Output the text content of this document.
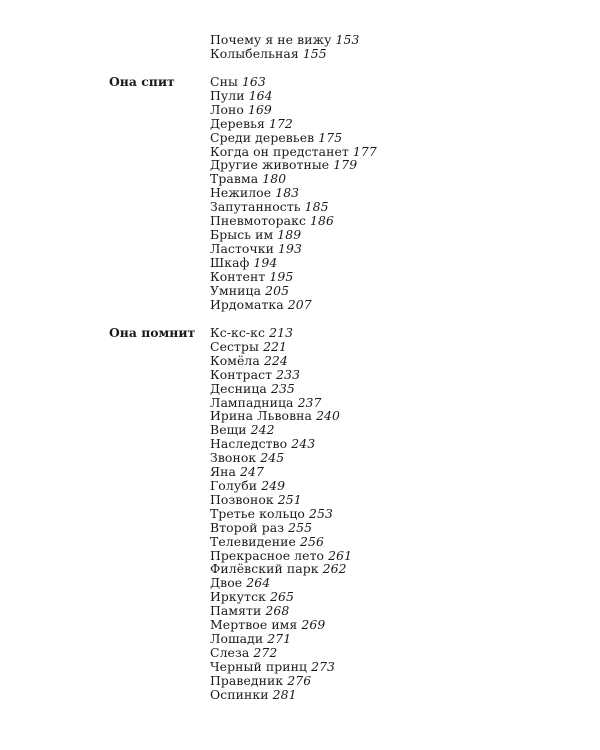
Почему я не вижу 153
Колыбельная 155
Она спит	Сны 163
Пули 164
Лоно 169
Деревья 172
Среди деревьев 175
Когда он предстанет 177
Другие животные 179
Травма 180
Нежилое 183
Запутанность 185
Пневмоторакс 186
Брысь им 189
Ласточки 193
Шкаф 194
Контент 195
Умница 205
Ирдоматка 207
Она помнит Кс-кс-кс 213
Сестры 221
Комёла 224
Контраст 233
Десница 235
Лампадница 237
Ирина Львовна 240
Вещи 242
Наследство 243
Звонок 245
Яна 247
Голуби 249
Позвонок 251
Третье кольцо 253
Второй раз 255
Телевидение 256
Прекрасное лето 261
Филёвский парк 262
Двое 264
Иркутск 265
Памяти 268
Мертвое имя 269
Лошади 271
Слеза 272
Черный принц 273
Праведник 276
Оспинки 281
